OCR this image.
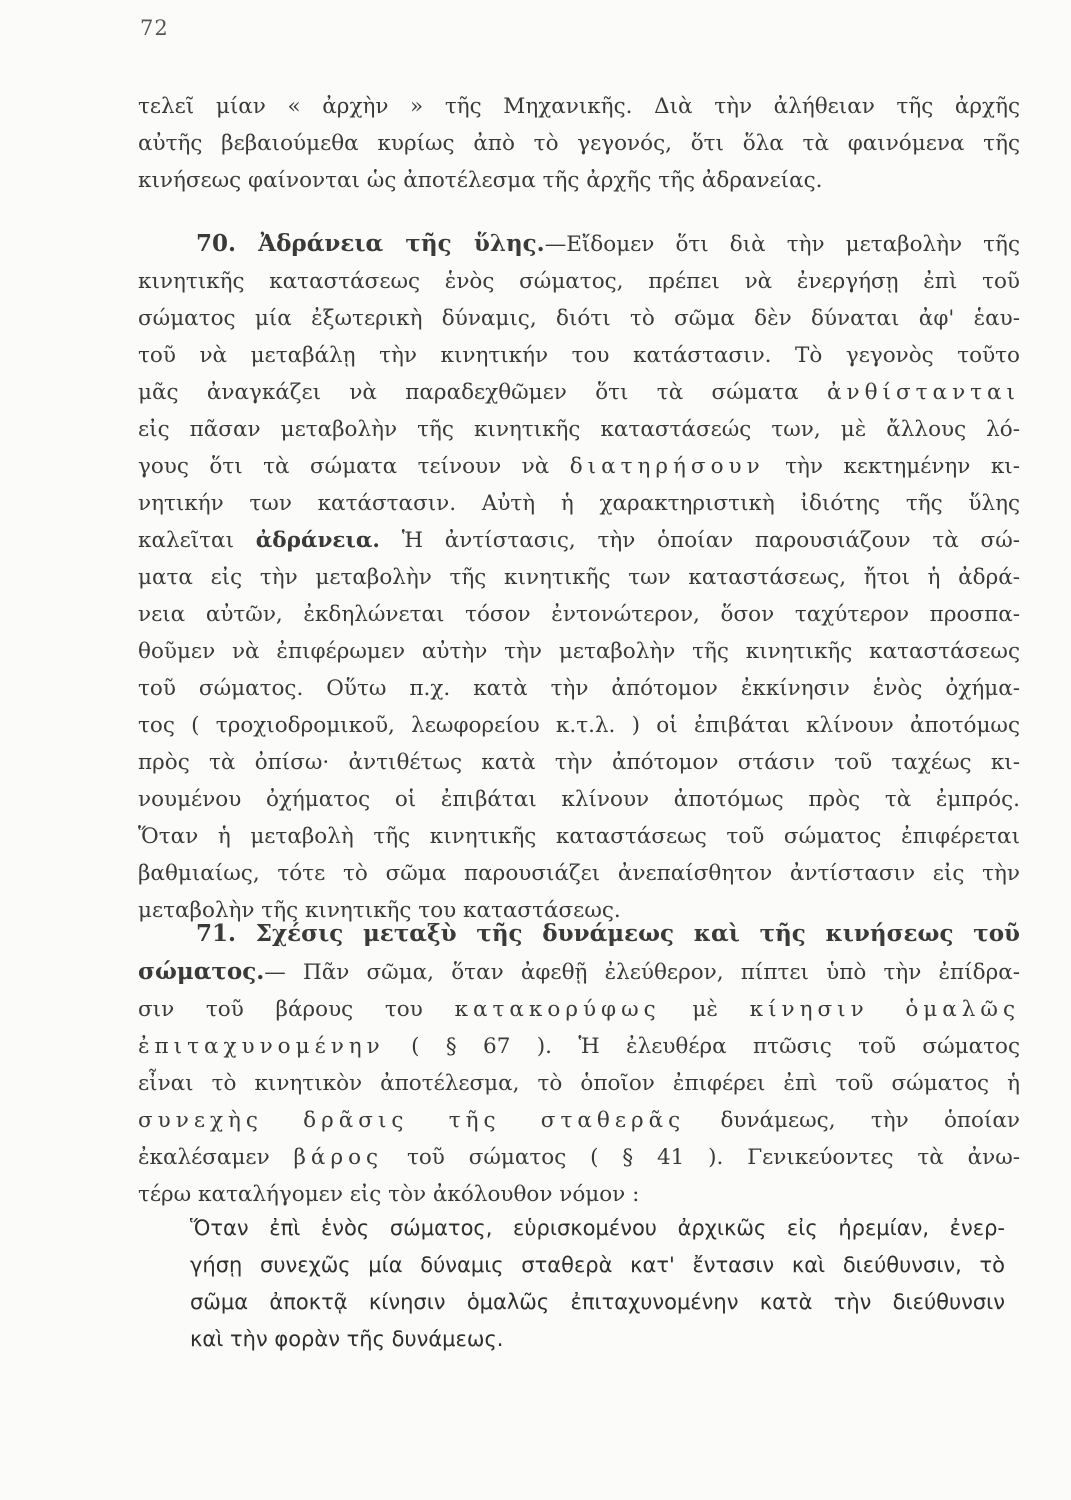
72
τελεῖ μίαν « ἀρχὴν » τῆς Μηχανικῆς. Διὰ τὴν ἀλήθειαν τῆς ἀρχῆς
αὐτῆς βεβαιούμεθα κυρίως ἀπὸ τὸ γεγονός, ὅτι ὅλα τὰ φαινόμενα τῆς
κινήσεως φαίνονται ὡς ἀποτέλεσμα τῆς ἀρχῆς τῆς ἀδρανείας.
70. Ἀδράνεια τῆς ὕλης.—Εἴδομεν ὅτι διὰ τὴν μεταβολὴν τῆς
κινητικῆς καταστάσεως ἑνὸς σώματος, πρέπει νὰ ἐνεργήσῃ ἐπὶ τοῦ
σώματος μία ἐξωτερικὴ δύναμις, διότι τὸ σῶμα δὲν δύναται ἀφ' ἑαυ-
τοῦ νὰ μεταβάλῃ τὴν κινητικήν του κατάστασιν. Τὸ γεγονὸς τοῦτο
μᾶς ἀναγκάζει νὰ παραδεχθῶμεν ὅτι τὰ σώματα ἀνθίστανται
εἰς πᾶσαν μεταβολὴν τῆς κινητικῆς καταστάσεώς των, μὲ ἄλλους λό-
γους ὅτι τὰ σώματα τείνουν νὰ διατηρήσουν τὴν κεκτημένην κι-
νητικήν των κατάστασιν. Αὐτὴ ἡ χαρακτηριστικὴ ἰδιότης τῆς ὕλης
καλεῖται ἀδράνεια. Ἡ ἀντίστασις, τὴν ὁποίαν παρουσιάζουν τὰ σώ-
ματα εἰς τὴν μεταβολὴν τῆς κινητικῆς των καταστάσεως, ἤτοι ἡ ἀδρά-
νεια αὐτῶν, ἐκδηλώνεται τόσον ἐντονώτερον, ὅσον ταχύτερον προσπα-
θοῦμεν νὰ ἐπιφέρωμεν αὐτὴν τὴν μεταβολὴν τῆς κινητικῆς καταστάσεως
τοῦ σώματος. Οὕτω π.χ. κατὰ τὴν ἀπότομον ἐκκίνησιν ἑνὸς ὀχήμα-
τος ( τροχιοδρομικοῦ, λεωφορείου κ.τ.λ. ) οἱ ἐπιβάται κλίνουν ἀποτόμως
πρὸς τὰ ὀπίσω· ἀντιθέτως κατὰ τὴν ἀπότομον στάσιν τοῦ ταχέως κι-
νουμένου ὀχήματος οἱ ἐπιβάται κλίνουν ἀποτόμως πρὸς τὰ ἐμπρός.
Ὅταν ἡ μεταβολὴ τῆς κινητικῆς καταστάσεως τοῦ σώματος ἐπιφέρεται
βαθμιαίως, τότε τὸ σῶμα παρουσιάζει ἀνεπαίσθητον ἀντίστασιν εἰς τὴν
μεταβολὴν τῆς κινητικῆς του καταστάσεως.
71. Σχέσις μεταξὺ τῆς δυνάμεως καὶ τῆς κινήσεως τοῦ
σώματος.— Πᾶν σῶμα, ὅταν ἀφεθῇ ἐλεύθερον, πίπτει ὑπὸ τὴν ἐπίδρα-
σιν τοῦ βάρους του κατακορύφως μὲ κίνησιν ὁμαλῶς
ἐπιταχυνομένην ( § 67 ). Ἡ ἐλευθέρα πτῶσις τοῦ σώματος
εἶναι τὸ κινητικὸν ἀποτέλεσμα, τὸ ὁποῖον ἐπιφέρει ἐπὶ τοῦ σώματος ἡ
συνεχὴς δρᾶσις τῆς σταθερᾶς δυνάμεως, τὴν ὁποίαν
ἐκαλέσαμεν βάρος τοῦ σώματος ( § 41 ). Γενικεύοντες τὰ ἀνω-
τέρω καταλήγομεν εἰς τὸν ἀκόλουθον νόμον :
Ὅταν ἐπὶ ἑνὸς σώματος, εὑρισκομένου ἀρχικῶς εἰς ἠρεμίαν, ἐνερ-
γήσῃ συνεχῶς μία δύναμις σταθερὰ κατ' ἔντασιν καὶ διεύθυνσιν, τὸ
σῶμα ἀποκτᾷ κίνησιν ὁμαλῶς ἐπιταχυνομένην κατὰ τὴν διεύθυνσιν
καὶ τὴν φορὰν τῆς δυνάμεως.
